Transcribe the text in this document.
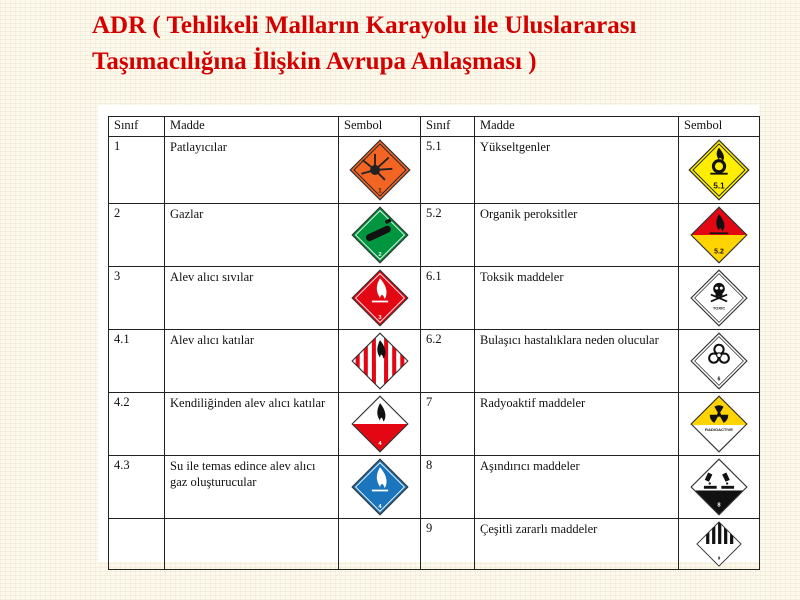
ADR ( Tehlikeli Malların Karayolu ile Uluslararası Taşımacılığına İlişkin Avrupa Anlaşması )

Sınıf	Madde	Sembol	Sınıf	Madde	Sembol
1	Patlayıcılar	1	5.1	Yükseltgenler	5.1

2	Gazlar	2	5.2	Organik peroksitler	5.2

3	Alev alıcı sıvılar	3	6.1	Toksik maddeler	TOXIC

4.1	Alev alıcı katılar		6.2	Bulaşıcı hastalıklara neden olucular	6

4.2	Kendiliğinden alev alıcı katılar	4	7	Radyoaktif maddeler	RADIOACTIVE

4.3	Su ile temas edince alev alıcı gaz oluşturucular	4	8	Aşındırıcı maddeler	8

			9	Çeşitli zararlı maddeler	9
